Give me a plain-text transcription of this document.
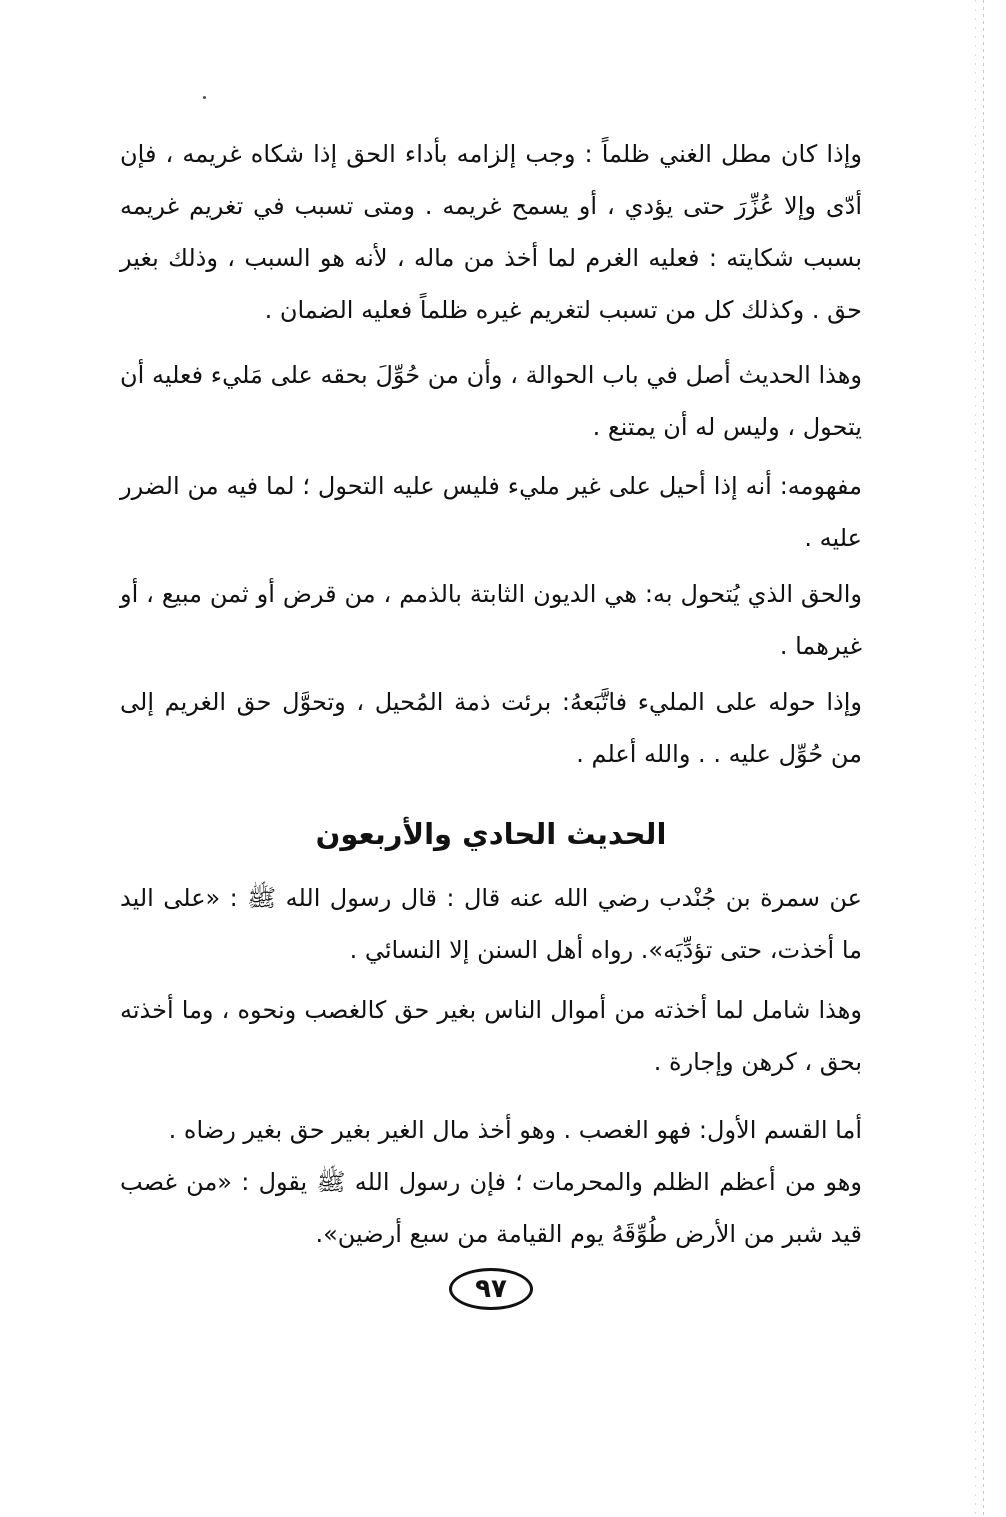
وإذا كان مطل الغني ظلماً : وجب إلزامه بأداء الحق إذا شكاه غريمه ، فإن أدّى وإلا عُزِّرَ حتى يؤدي ، أو يسمح غريمه . ومتى تسبب في تغريم غريمه بسبب شكايته : فعليه الغرم لما أخذ من ماله ، لأنه هو السبب ، وذلك بغير حق . وكذلك كل من تسبب لتغريم غيره ظلماً فعليه الضمان .

وهذا الحديث أصل في باب الحوالة ، وأن من حُوِّلَ بحقه على مَليء فعليه أن يتحول ، وليس له أن يمتنع .

مفهومه: أنه إذا أحيل على غير مليء فليس عليه التحول ؛ لما فيه من الضرر عليه .

والحق الذي يُتحول به: هي الديون الثابتة بالذمم ، من قرض أو ثمن مبيع ، أو غيرهما .

وإذا حوله على المليء فاتَّبَعهُ: برئت ذمة المُحيل ، وتحوَّل حق الغريم إلى من حُوِّل عليه . . والله أعلم .

الحديث الحادي والأربعون

عن سمرة بن جُنْدب رضي الله عنه قال : قال رسول الله ﷺ : «على اليد ما أخذت، حتى تؤدِّيَه». رواه أهل السنن إلا النسائي .

وهذا شامل لما أخذته من أموال الناس بغير حق كالغصب ونحوه ، وما أخذته بحق ، كرهن وإجارة .

أما القسم الأول: فهو الغصب . وهو أخذ مال الغير بغير حق بغير رضاه .

وهو من أعظم الظلم والمحرمات ؛ فإن رسول الله ﷺ يقول : «من غصب قيد شبر من الأرض طُوِّقَهُ يوم القيامة من سبع أرضين».

٩٧
